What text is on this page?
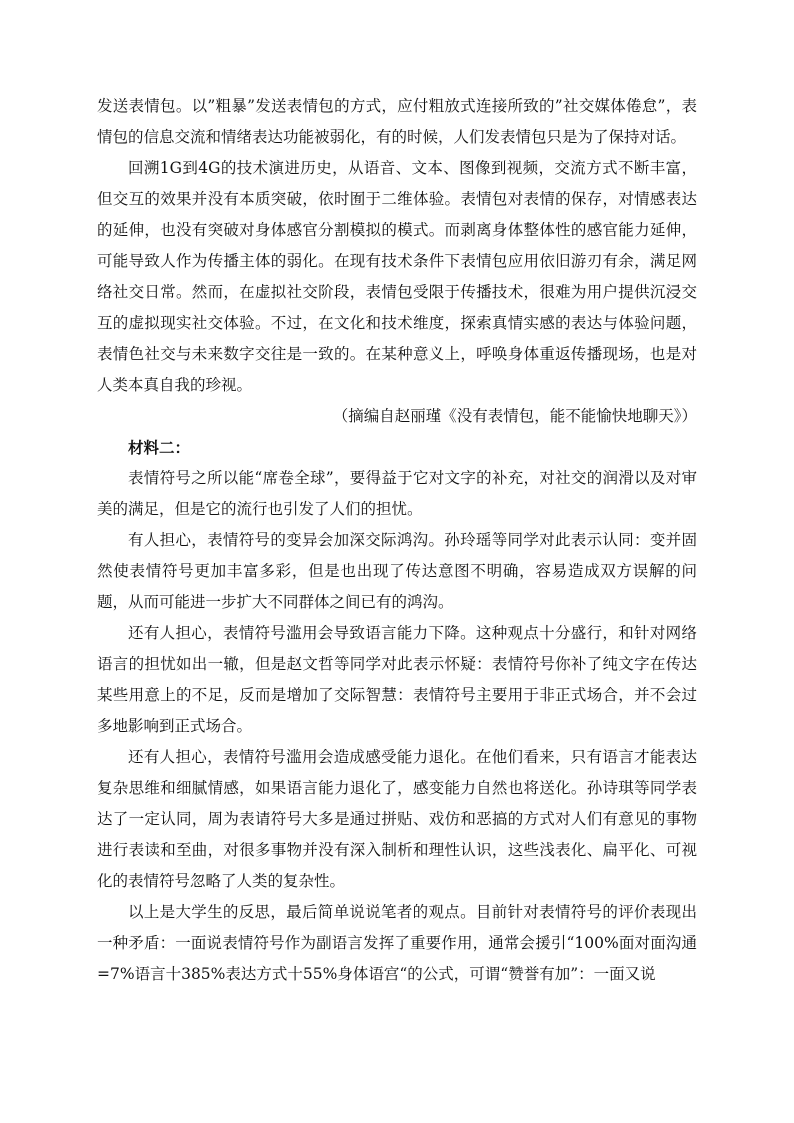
发送表情包。以”粗暴”发送表情包的方式，应付粗放式连接所致的”社交媒体倦怠”，表情包的信息交流和情绪表达功能被弱化，有的时候，人们发表情包只是为了保持对话。

回溯1G到4G的技术演进历史，从语音、文本、图像到视频，交流方式不断丰富，但交互的效果并没有本质突破，依时囿于二维体验。表情包对表情的保存，对情感表达的延伸，也没有突破对身体感官分割模拟的模式。而剥离身体整体性的感官能力延伸，可能导致人作为传播主体的弱化。在现有技术条件下表情包应用依旧游刃有余，满足网络社交日常。然而，在虚拟社交阶段，表情包受限于传播技术，很难为用户提供沉浸交互的虚拟现实社交体验。不过，在文化和技术维度，探索真情实感的表达与体验问题，表情色社交与未来数字交往是一致的。在某种意义上，呼唤身体重返传播现场，也是对人类本真自我的珍视。

（摘编自赵丽瑾《没有表情包，能不能愉快地聊天》）

材料二：

表情符号之所以能“席卷全球”，要得益于它对文字的补充，对社交的润滑以及对审美的满足，但是它的流行也引发了人们的担忧。

有人担心，表情符号的变异会加深交际鸿沟。孙玲瑶等同学对此表示认同：变并固然使表情符号更加丰富多彩，但是也出现了传达意图不明确，容易造成双方误解的问题，从而可能进一步扩大不同群体之间已有的鸿沟。

还有人担心，表情符号滥用会导致语言能力下降。这种观点十分盛行，和针对网络语言的担忧如出一辙，但是赵文哲等同学对此表示怀疑：表情符号你补了纯文字在传达某些用意上的不足，反而是增加了交际智慧：表情符号主要用于非正式场合，并不会过多地影响到正式场合。

还有人担心，表情符号滥用会造成感受能力退化。在他们看来，只有语言才能表达复杂思维和细腻情感，如果语言能力退化了，感变能力自然也将送化。孙诗琪等同学表达了一定认同，周为表请符号大多是通过拼贴、戏仿和恶搞的方式对人们有意见的事物进行表读和至曲，对很多事物并没有深入制析和理性认识，这些浅表化、扁平化、可视化的表情符号忽略了人类的复杂性。

以上是大学生的反思，最后简单说说笔者的观点。目前针对表情符号的评价表现出一种矛盾：一面说表情符号作为副语言发挥了重要作用，通常会援引“100%面对面沟通=7%语言十385%表达方式十55%身体语宫“的公式，可谓“赞誉有加”：一面又说
